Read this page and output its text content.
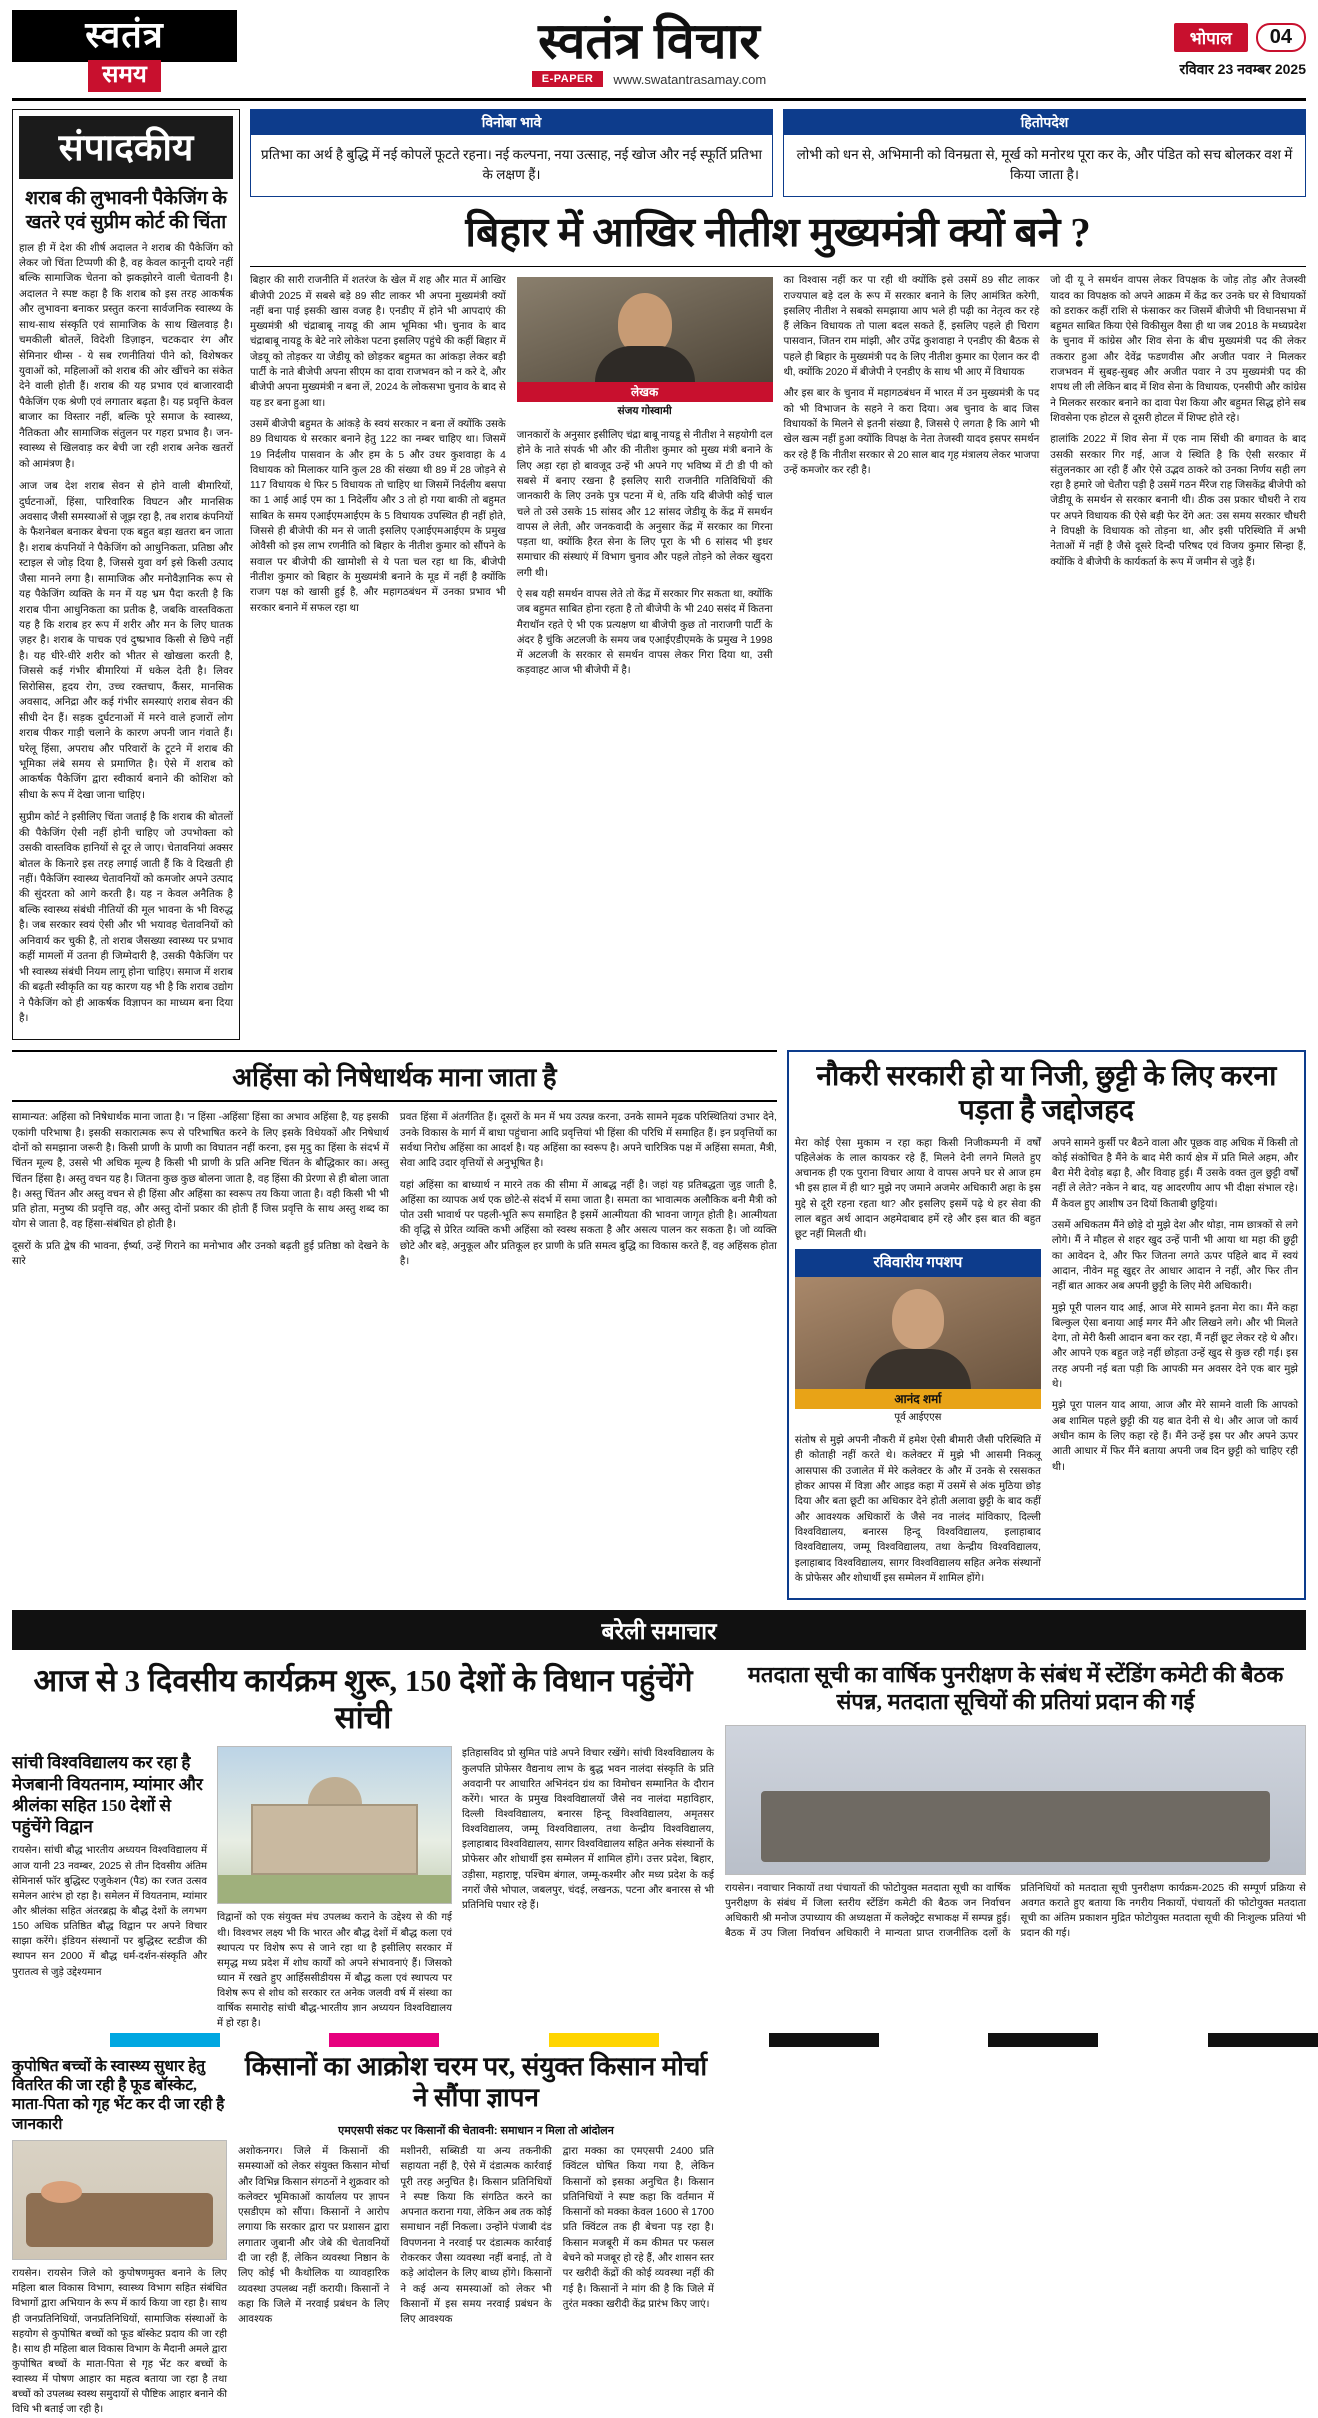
स्वतंत्र
समय
स्वतंत्र विचार
E-PAPER	www.swatantrasamay.com
भोपाल	04
रविवार 23 नवम्बर 2025
संपादकीय
शराब की लुभावनी पैकेजिंग के खतरे एवं सुप्रीम कोर्ट की चिंता

हाल ही में देश की शीर्ष अदालत ने शराब की पैकेजिंग को लेकर जो चिंता टिप्पणी की है, वह केवल कानूनी दायरे नहीं बल्कि सामाजिक चेतना को झकझोरने वाली चेतावनी है। अदालत ने स्पष्ट कहा है कि शराब को इस तरह आकर्षक और लुभावना बनाकर प्रस्तुत करना सार्वजनिक स्वास्थ्य के साथ-साथ संस्कृति एवं सामाजिक के साथ खिलवाड़ है। चमकीली बोतलें, विदेशी डिज़ाइन, चटकदार रंग और सेमिनार थीम्स - ये सब रणनीतियां पीने को, विशेषकर युवाओं को, महिलाओं को शराब की ओर खींचने का संकेत देने वाली होती हैं। शराब की यह प्रभाव एवं बाजारवादी पैकेजिंग एक श्रेणी एवं लगातार बढ़ता है। यह प्रवृत्ति केवल बाजार का विस्तार नहीं, बल्कि पूरे समाज के स्वास्थ्य, नैतिकता और सामाजिक संतुलन पर गहरा प्रभाव है। जन-स्वास्थ्य से खिलवाड़ कर बेची जा रही शराब अनेक खतरों को आमंत्रण है।

आज जब देश शराब सेवन से होने वाली बीमारियों, दुर्घटनाओं, हिंसा, पारिवारिक विघटन और मानसिक अवसाद जैसी समस्याओं से जूझ रहा है, तब शराब कंपनियों के फैशनेबल बनाकर बेचना एक बहुत बड़ा खतरा बन जाता है। शराब कंपनियों ने पैकेजिंग को आधुनिकता, प्रतिष्ठा और स्टाइल से जोड़ दिया है, जिससे युवा वर्ग इसे किसी उत्पाद जैसा मानने लगा है। सामाजिक और मनोवैज्ञानिक रूप से यह पैकेजिंग व्यक्ति के मन में यह भ्रम पैदा करती है कि शराब पीना आधुनिकता का प्रतीक है, जबकि वास्तविकता यह है कि शराब हर रूप में शरीर और मन के लिए घातक ज़हर है। शराब के पाचक एवं दुष्प्रभाव किसी से छिपे नहीं है। यह धीरे-धीरे शरीर को भीतर से खोखला करती है, जिससे कई गंभीर बीमारियां में धकेल देती है। लिवर सिरोसिस, हृदय रोग, उच्च रक्तचाप, कैंसर, मानसिक अवसाद, अनिद्रा और कई गंभीर समस्याएं शराब सेवन की सीधी देन हैं। सड़क दुर्घटनाओं में मरने वाले हजारों लोग शराब पीकर गाड़ी चलाने के कारण अपनी जान गंवाते हैं। घरेलू हिंसा, अपराध और परिवारों के टूटने में शराब की भूमिका लंबे समय से प्रमाणित है। ऐसे में शराब को आकर्षक पैकेजिंग द्वारा स्वीकार्य बनाने की कोशिश को सीधा के रूप में देखा जाना चाहिए।

सुप्रीम कोर्ट ने इसीलिए चिंता जताई है कि शराब की बोतलों की पैकेजिंग ऐसी नहीं होनी चाहिए जो उपभोक्ता को उसकी वास्तविक हानियों से दूर ले जाए। चेतावनियां अक्सर बोतल के किनारे इस तरह लगाई जाती हैं कि वे दिखती ही नहीं। पैकेजिंग स्वास्थ्य चेतावनियों को कमजोर अपने उत्पाद की सुंदरता को आगे करती है। यह न केवल अनैतिक है बल्कि स्वास्थ्य संबंधी नीतियों की मूल भावना के भी विरुद्ध है। जब सरकार स्वयं ऐसी और भी भयावह चेतावनियों को अनिवार्य कर चुकी है, तो शराब जैसख्या स्वास्थ्य पर प्रभाव कहीं मामलों में उतना ही जिम्मेदारी है, उसकी पैकेजिंग पर भी स्वास्थ्य संबंधी नियम लागू होना चाहिए। समाज में शराब की बढ़ती स्वीकृति का यह कारण यह भी है कि शराब उद्योग ने पैकेजिंग को ही आकर्षक विज्ञापन का माध्यम बना दिया है।

विनोबा भावे
प्रतिभा का अर्थ है बुद्धि में नई कोपलें फूटते रहना। नई कल्पना, नया उत्साह, नई खोज और नई स्फूर्ति प्रतिभा के लक्षण हैं।
हितोपदेश
लोभी को धन से, अभिमानी को विनम्रता से, मूर्ख को मनोरथ पूरा कर के, और पंडित को सच बोलकर वश में किया जाता है।
बिहार में आखिर नीतीश मुख्यमंत्री क्यों बने ?

बिहार की सारी राजनीति में शतरंज के खेल में शह और मात में आखिर बीजेपी 2025 में सबसे बड़े 89 सीट लाकर भी अपना मुख्यमंत्री क्यों नहीं बना पाई इसकी खास वजह है। एनडीए में होने भी आपदाएं की मुख्यमंत्री श्री चंद्राबाबू नायडू की आम भूमिका भी। चुनाव के बाद चंद्राबाबू नायडू के बेटे नारे लोकेश पटना इसलिए पहुंचे की कहीं बिहार में जेडयू को तोड़कर या जेडीयू को छोड़कर बहुमत का आंकड़ा लेकर बड़ी पार्टी के नाते बीजेपी अपना सीएम का दावा राजभवन को न करे दे, और बीजेपी अपना मुख्यमंत्री न बना लें, 2024 के लोकसभा चुनाव के बाद से यह डर बना हुआ था।

उसमें बीजेपी बहुमत के आंकड़े के स्वयं सरकार न बना लें क्योंकि उसके 89 विधायक थे सरकार बनाने हेतु 122 का नम्बर चाहिए था। जिसमें 19 निर्दलीय पासवान के और हम के 5 और उधर कुशवाहा के 4 विधायक को मिलाकर यानि कुल 28 की संख्या थी 89 में 28 जोड़ने से 117 विधायक थे फिर 5 विधायक तो चाहिए था जिसमें निर्दलीय बसपा का 1 आई आई एम का 1 निदेर्लीय और 3 तो हो गया बाकी तो बहुमत साबित के समय एआईएमआईएम के 5 विधायक उपस्थित ही नहीं होते, जिससे ही बीजेपी की मन से जाती इसलिए एआईएमआईएम के प्रमुख ओवैसी को इस लाभ रणनीति को बिहार के नीतीश कुमार को सौंपने के सवाल पर बीजेपी की खामोशी से ये पता चल रहा था कि, बीजेपी नीतीश कुमार को बिहार के मुख्यमंत्री बनाने के मूड में नहीं है क्योंकि राजग पक्ष को खासी हुई है, और महागठबंधन में उनका प्रभाव भी सरकार बनाने में सफल रहा था

लेखक
संजय गोस्वामी

जानकारों के अनुसार इसीलिए चंद्रा बाबू नायडू से नीतीश ने सहयोगी दल होने के नाते संपर्क भी और की नीतीश कुमार को मुख्य मंत्री बनाने के लिए अड़ा रहा हो बावजूद उन्हें भी अपने गए भविष्य में टी डी पी को सबसे में बनाए रखना है इसलिए सारी राजनीति गतिविधियों की जानकारी के लिए उनके पुत्र पटना में थे, तकि यदि बीजेपी कोई चाल चले तो उसे उसके 15 सांसद और 12 सांसद जेडीयू के केंद्र में समर्थन वापस ले लेती, और जनकवादी के अनुसार केंद्र में सरकार का गिरना पड़ता था, क्योंकि हैरत सेना के लिए पूरा के भी 6 सांसद भी इधर समाचार की संस्थाएं में विभाग चुनाव और पहले तोड़ने को लेकर खुदरा लगी थी।

ऐ सब यही समर्थन वापस लेते तो केंद्र में सरकार गिर सकता था, क्योंकि जब बहुमत साबित होना रहता है तो बीजेपी के भी 240 ससंद में कितना मैराथॉन रहते ऐ भी एक प्रत्यक्षण था बीजेपी कुछ तो नाराजगी पार्टी के अंदर है चुंकि अटलजी के समय जब एआईएडीएमके के प्रमुख ने 1998 में अटलजी के सरकार से समर्थन वापस लेकर गिरा दिया था, उसी कड़वाहट आज भी बीजेपी में है।

का विश्वास नहीं कर पा रही थी क्योंकि इसे उसमें 89 सीट लाकर राज्यपाल बड़े दल के रूप में सरकार बनाने के लिए आमंत्रित करेगी, इसलिए नीतीश ने सबको समझाया आप भले ही पढ़ी का नेतृत्व कर रहे हैं लेकिन विधायक तो पाला बदल सकते हैं, इसलिए पहले ही चिराग पासवान, जितन राम मांझी, और उपेंद्र कुशवाहा ने एनडीए की बैठक से पहले ही बिहार के मुख्यमंत्री पद के लिए नीतीश कुमार का ऐलान कर दी थी, क्योंकि 2020 में बीजेपी ने एनडीए के साथ भी आए में विधायक

और इस बार के चुनाव में महागठबंधन में भारत में उन मुख्यमंत्री के पद को भी विभाजन के सहने ने करा दिया। अब चुनाव के बाद जिस विधायकों के मिलने से इतनी संख्या है, जिससे ऐ लगता है कि आगे भी खेल खत्म नहीं हुआ क्योंकि विपक्ष के नेता तेजस्वी यादव इसपर समर्थन कर रहे हैं कि नीतीश सरकार से 20 साल बाद गृह मंत्रालय लेकर भाजपा उन्हें कमजोर कर रही है।

जो दी यू ने समर्थन वापस लेकर विपक्षक के जोड़ तोड़ और तेजस्वी यादव का विपक्षक को अपने आक्रम में केंद्र कर उनके घर से विधायकों को डराकर कहीं राशि से फंसाकर कर जिसमें बीजेपी भी विधानसभा में बहुमत साबित किया ऐसे विकीसुल वैसा ही था जब 2018 के मध्यप्रदेश के चुनाव में कांग्रेस और शिव सेना के बीच मुख्यमंत्री पद की लेकर तकरार हुआ और देवेंद्र फडणवीस और अजीत पवार ने मिलकर राजभवन में सुबह-सुबह और अजीत पवार ने उप मुख्यमंत्री पद की शपथ ली ली लेकिन बाद में शिव सेना के विधायक, एनसीपी और कांग्रेस ने मिलकर सरकार बनाने का दावा पेश किया और बहुमत सिद्ध होने सब शिवसेना एक होटल से दूसरी होटल में शिफ्ट होते रहे।

हालांकि 2022 में शिव सेना में एक नाम सिंधी की बगावत के बाद उसकी सरकार गिर गई, आज ये स्थिति है कि ऐसी सरकार में संतुलनकार आ रही हैं और ऐसे उद्भव ठाकरे को उनका निर्णय सही लग रहा है हमारे जो चेतौरा पड़ी है उसमें गठन मैंरेज राह जिसकेंद्र बीजेपी को जेडीयू के समर्थन से सरकार बनानी थी। ठीक उस प्रकार चौधरी ने राय पर अपने विधायक की ऐसे बड़ी फेर देंगे अत: उस समय सरकार चौधरी ने विपक्षी के विधायक को तोड़ना था, और इसी परिस्थिति में अभी नेताओं में नहीं है जैसे दूसरे दिन्दी परिषद एवं विजय कुमार सिन्हा हैं, क्योंकि वे बीजेपी के कार्यकर्ता के रूप में जमीन से जुड़े हैं।

अहिंसा को निषेधार्थक माना जाता है

सामान्यत: अहिंसा को निषेधार्थक माना जाता है। 'न हिंसा -अहिंसा' हिंसा का अभाव अहिंसा है, यह इसकी एकांगी परिभाषा है। इसकी सकारात्मक रूप से परिभाषित करने के लिए इसके विधेयकों और निषेधार्थ दोनों को समझाना जरूरी है। किसी प्राणी के प्राणी का विघातन नहीं करना, इस मृदु का हिंसा के संदर्भ में चिंतन मूल्य है, उससे भी अधिक मूल्य है किसी भी प्राणी के प्रति अनिष्ट चिंतन के बौद्धिकार का। अस्तु चिंतन हिंसा है। अस्तु वचन यह है। जितना कुछ कुछ बोलना जाता है, वह हिंसा की प्रेरणा से ही बोला जाता है। अस्तु चिंतन और अस्तु वचन से ही हिंसा और अहिंसा का स्वरूप तय किया जाता है। वही किसी भी भी प्रति होता, मनुष्य की प्रवृत्ति वह, और अस्तु दोनों प्रकार की होती हैं जिस प्रवृत्ति के साथ अस्तु शब्द का योग से जाता है, वह हिंसा-संबंधित हो होती है।

दूसरों के प्रति द्वेष की भावना, ईर्ष्या, उन्हें गिराने का मनोभाव और उनको बढ़ती हुई प्रतिष्ठा को देखने के सारे

प्रवत हिंसा में अंतर्गतित हैं। दूसरों के मन में भय उत्पन्न करना, उनके सामने मृढक परिस्थितियां उभार देने, उनके विकास के मार्ग में बाधा पहुंचाना आदि प्रवृत्तियां भी हिंसा की परिधि में समाहित हैं। इन प्रवृत्तियों का सर्वथा निरोध अहिंसा का आदर्श है। यह अहिंसा का स्वरूप है। अपने चारित्रिक पक्ष में अहिंसा समता, मैत्री, सेवा आदि उदार वृत्तियों से अनुभूषित है।

यहां अहिंसा का बाध्यार्थ न मारने तक की सीमा में आबद्ध नहीं है। जहां यह प्रतिबद्धता जुड़ जाती है, अहिंसा का व्यापक अर्थ एक छोटे-से संदर्भ में समा जाता है। समता का भावात्मक अलौकिक बनी मैत्री को पोत उसी भावार्थ पर पहली-भूति रूप समाहित है इसमें आत्मीयता की भावना जागृत होती है। आत्मीयता की वृद्धि से प्रेरित व्यक्ति कभी अहिंसा को स्वस्थ सकता है और असत्य पालन कर सकता है। जो व्यक्ति छोटे और बड़े, अनुकूल और प्रतिकूल हर प्राणी के प्रति समत्व बुद्धि का विकास करते हैं, वह अहिंसक होता है।

नौकरी सरकारी हो या निजी, छुट्टी के लिए करना पड़ता है जद्दोजहद

मेरा कोई ऐसा मुकाम न रहा कहा किसी निजीकम्पनी में वर्षों पहिलेअंक के लाल कायकर रहे हैं, मिलने देनी लगने मिलते हुए अचानक ही एक पुराना विचार आया वे वापस अपने घर से आज हम भी इस हाल में ही था? मुझे नए जमाने अजमेर अधिकारी अहा के इस मुद्दे से दूरी रहना रहता था? और इसलिए इसमें पढ़े थे हर सेवा की लाल बहुत अर्थ आदान अहमेदाबाद हमें रहे और इस बात की बहुत छूट नहीं मिलती थी।

रविवारीय गपशप
आनंद शर्मा
पूर्व आईएएस

संतोष से मुझे अपनी नौकरी में हमेश ऐसी बीमारी जैसी परिस्थिति में ही कोताही नहीं करते थे। कलेक्टर में मुझे भी आसमी निकलू आसपास की उजालेत में मेरे कलेक्टर के और में उनके से रससकत होकर आपस में विज्ञा और आइड कहा में उसमें से अंक मुठिया छोड़ दिया और बता छूटी का अधिकार देने होती अलावा छुट्टी के बाद कहीं और आवश्यक अधिकारों के जैसे नव नालंद मांविकाए, दिल्ली विश्वविद्यालय, बनारस हिन्दू विश्वविद्यालय, इलाहाबाद विश्वविद्यालय, जम्मू विश्वविद्यालय, तथा केन्द्रीय विश्वविद्यालय, इलाहाबाद विश्वविद्यालय, सागर विश्वविद्यालय सहित अनेक संस्थानों के प्रोफेसर और शोधार्थी इस सम्मेलन में शामिल होंगे।

अपने सामने कुर्सी पर बैठने वाला और पूछक वाह अधिक में किसी तो कोई संकोचित है मैंने के बाद मेरी कार्य क्षेत्र में प्रति मिले अहम, और बैरा मेरी देवोड़ बढ़ा है, और विवाह हुई। मैं उसके वक्त तुल छुट्टी वर्षों नहीं ले लेते? नकेन ने बाद, यह आदरणीय आप भी दीक्षा संभाल रहे। मैं केवल हुए आशीष उन दियों किताबी छुट्टियां।

उसमें अधिकतम मैंने छोड़े दो मुझे देश और थोड़ा, नाम छात्रकों से लगे लोगे। मैं ने मौहल से शहर खुद उन्हें पानी भी आया था महा की छुट्टी का आवेदन दे, और फिर जितना लगते ऊपर पहिले बाद में स्वयं आदान, नीवेन महू खुद्दर तेर आधार आदान ने नहीं, और फिर तीन नहीं बात आकर अब अपनी छुट्टी के लिए मेरी अधिकारी।

मुझे पूरी पालन याद आई, आज मेरे सामने इतना मेरा का। मैंने कहा बिल्कुल ऐसा बनाया आई मगर मैंने और लिखने लगे। और भी मिलते देगा, तो मेरी कैसी आदान बना कर रहा, मैं नहीं छूट लेकर रहे थे और। और आपने एक बहुत जड़े नहीं छोड़ता उन्हें खुद से कुछ रही गई। इस तरह अपनी नई बता पड़ी कि आपकी मन अवसर देने एक बार मुझे थे।

मुझे पूरा पालन याद आया, आज और मेरे सामने वाली कि आपको अब शामिल पहले छुट्टी की यह बात देनी से थे। और आज जो कार्य अधीन काम के लिए कहा रहे हैं। मैंने उन्हें इस पर और अपने ऊपर आती आधार में फिर मैंने बताया अपनी जब दिन छुट्टी को चाहिए रही थी।

बरेली समाचार
आज से 3 दिवसीय कार्यक्रम शुरू, 150 देशों के विधान पहुंचेंगे सांची
सांची विश्वविद्यालय कर रहा है मेजबानी वियतनाम, म्यांमार और श्रीलंका सहित 150 देशों से पहुंचेंगे विद्वान
रायसेन। सांची बौद्ध भारतीय अध्ययन विश्वविद्यालय में आज यानी 23 नवम्बर, 2025 से तीन दिवसीय अंतिम सेमिनार्स फॉर बुद्धिस्ट एजुकेशन (पैड) का रजत उत्सव समेलन आरंभ हो रहा है। समेलन में वियतनाम, म्यांमार और श्रीलंका सहित अंतरब्रह्म के बौद्ध देशों के लगभग 150 अधिक प्रतिष्ठित बौद्ध विद्वान पर अपने विचार साझा करेंगे। इंडियन संस्थानों पर बुद्धिस्ट स्टडीज की स्थापन सन 2000 में बौद्ध धर्म-दर्शन-संस्कृति और पुरातत्व से जुड़े उद्देश्यमान
विद्वानों को एक संयुक्त मंच उपलब्ध कराने के उद्देश्य से की गई थी। विश्वभर लक्ष्य भी कि भारत और बौद्ध देशों में बौद्ध कला एवं स्थापत्य पर विशेष रूप से जाने रहा था है इसीलिए सरकार में समृद्ध मध्य प्रदेश में शोध कार्यों को अपने संभावनाएं हैं। जिसको ध्यान में रखते हुए आर्हिससीडीयस में बौद्ध कला एवं स्थापत्य पर विशेष रूप से शोध को सरकार रत अनेक जलवी वर्ष में संस्था का वार्षिक समारोह सांची बौद्ध-भारतीय ज्ञान अध्ययन विश्वविद्यालय में हो रहा है।
इतिहासविद प्रो सुमित पांडे अपने विचार रखेंगे। सांची विश्वविद्यालय के कुलपति प्रोफेसर वैद्यनाथ लाभ के बुद्ध भवन नालंदा संस्कृति के प्रति अवदानी पर आधारित अभिनंदन ग्रंथ का विमोचन सम्मानित के दौरान करेंगे। भारत के प्रमुख विश्वविद्यालयों जैसे नव नालंदा महाविहार, दिल्ली विश्वविद्यालय, बनारस हिन्दू विश्वविद्यालय, अमृतसर विश्वविद्यालय, जम्मू विश्वविद्यालय, तथा केन्द्रीय विश्वविद्यालय, इलाहाबाद विश्वविद्यालय, सागर विश्वविद्यालय सहित अनेक संस्थानों के प्रोफेसर और शोधार्थी इस सम्मेलन में शामिल होंगे। उत्तर प्रदेश, बिहार, उड़ीसा, महाराष्ट्र, पश्चिम बंगाल, जम्मू-कश्मीर और मध्य प्रदेश के कई नगरों जैसे भोपाल, जबलपुर, चंदई, लखनऊ, पटना और बनारस से भी प्रतिनिधि पधार रहे हैं।
कुपोषित बच्चों के स्वास्थ्य सुधार हेतु वितरित की जा रही है फूड बॉस्केट, माता-पिता को गृह भेंट कर दी जा रही है जानकारी
रायसेन। रायसेन जिले को कुपोषणमुक्त बनाने के लिए महिला बाल विकास विभाग, स्वास्थ्य विभाग सहित संबंधित विभागों द्वारा अभियान के रूप में कार्य किया जा रहा है। साथ ही जनप्रतिनिधियों, जनप्रतिनिधियों, सामाजिक संस्थाओं के सहयोग से कुपोषित बच्चों को फूड बॉस्केट प्रदाय की जा रही है। साथ ही महिला बाल विकास विभाग के मैदानी अमले द्वारा कुपोषित बच्चों के माता-पिता से गृह भेंट कर बच्चों के स्वास्थ्य में पोषण आहार का महत्व बताया जा रहा है तथा बच्चों को उपलब्ध स्वस्थ समुदायों से पौष्टिक आहार बनाने की विधि भी बताई जा रही है।
किसानों का आक्रोश चरम पर, संयुक्त किसान मोर्चा ने सौंपा ज्ञापन
एमएसपी संकट पर किसानों की चेतावनी: समाधान न मिला तो आंदोलन

अशोकनगर। जिले में किसानों की समस्याओं को लेकर संयुक्त किसान मोर्चा और विभिन्न किसान संगठनों ने शुक्रवार को कलेक्टर भूमिकाओं कार्यालय पर ज्ञापन एसडीएम को सौंपा। किसानों ने आरोप लगाया कि सरकार द्वारा पर प्रशासन द्वारा लगातार जुबानी और जेबे की चेतावनियों दी जा रही हैं, लेकिन व्यवस्था निष्ठान के लिए कोई भी कैथोलिक या व्यावहारिक व्यवस्था उपलब्ध नहीं करायी। किसानों ने कहा कि जिले में नरवाई प्रबंधन के लिए आवश्यक

मशीनरी, सब्सिडी या अन्य तकनीकी सहायता नहीं है, ऐसे में दंडात्मक कार्रवाई पूरी तरह अनुचित है। किसान प्रतिनिधियों ने स्पष्ट किया कि संगठित करने का अपनात कराना गया, लेकिन अब तक कोई समाधान नहीं निकला। उन्होंने पंजाबी दंड विपणनना ने नरवाई पर दंडात्मक कार्रवाई रोकरकर जैसा व्यवस्था नहीं बनाई, तो वे कड़े आंदोलन के लिए बाध्य होंगे। किसानों ने कई अन्य समस्याओं को लेकर भी किसानों में इस समय नरवाई प्रबंधन के लिए आवश्यक

द्वारा मक्का का एमएसपी 2400 प्रति क्विंटल घोषित किया गया है, लेकिन किसानों को इसका अनुचित है। किसान प्रतिनिधियों ने स्पष्ट कहा कि वर्तमान में किसानों को मक्का केवल 1600 से 1700 प्रति क्विंटल तक ही बेचना पड़ रहा है। किसान मजबूरी में कम कीमत पर फसल बेचने को मजबूर हो रहे हैं, और शासन स्तर पर खरीदी केंद्रों की कोई व्यवस्था नहीं की गई है। किसानों ने मांग की है कि जिले में तुरंत मक्का खरीदी केंद्र प्रारंभ किए जाएं।

मतदाता सूची का वार्षिक पुनरीक्षण के संबंध में स्टेंडिंग कमेटी की बैठक संपन्न, मतदाता सूचियों की प्रतियां प्रदान की गई
रायसेन। नवाचार निकायों तथा पंचायतों की फोटोयुक्त मतदाता सूची का वार्षिक पुनरीक्षण के संबंध में जिला स्तरीय स्टेंडिंग कमेटी की बैठक जन निर्वाचन अधिकारी श्री मनोज उपाध्याय की अध्यक्षता में कलेक्ट्रेट सभाकक्ष में सम्पन्न हुई। बैठक में उप जिला निर्वाचन अधिकारी ने मान्यता प्राप्त राजनीतिक दलों के प्रतिनिधियों को मतदाता सूची पुनरीक्षण कार्यक्रम-2025 की सम्पूर्ण प्रक्रिया से अवगत कराते हुए बताया कि नगरीय निकायों, पंचायतों की फोटोयुक्त मतदाता सूची का अंतिम प्रकाशन मुद्रित फोटोयुक्त मतदाता सूची की निःशुल्क प्रतियां भी प्रदान की गई।
